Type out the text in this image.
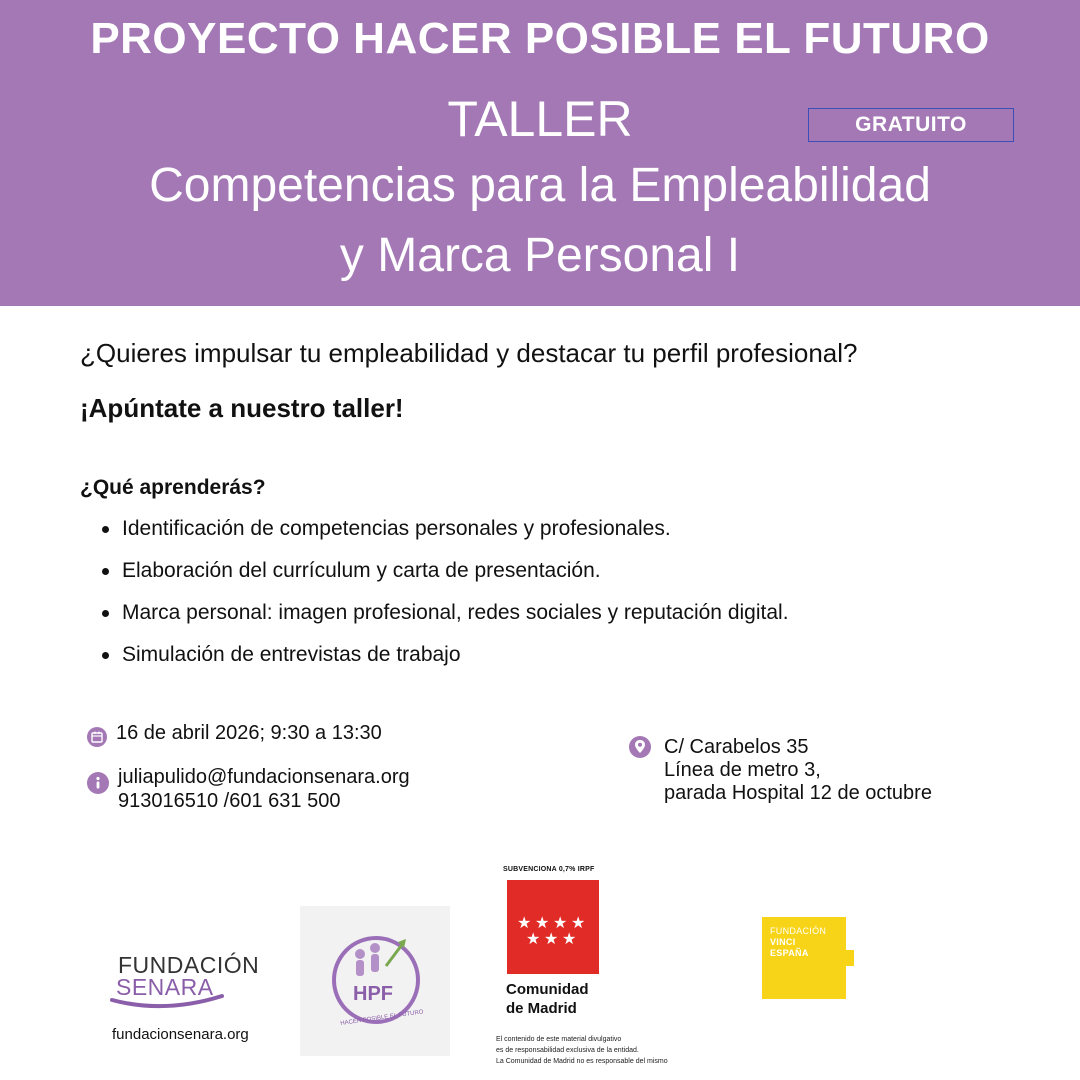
PROYECTO HACER POSIBLE EL FUTURO
TALLER
Competencias para la Empleabilidad
y Marca Personal I
GRATUITO
¿Quieres impulsar tu empleabilidad y destacar tu perfil profesional?
¡Apúntate a nuestro taller!
¿Qué aprenderás?
Identificación de competencias personales y profesionales.
Elaboración del currículum y carta de presentación.
Marca personal: imagen profesional, redes sociales y reputación digital.
Simulación de entrevistas de trabajo
16 de abril 2026; 9:30 a 13:30
juliapulido@fundacionsenara.org
913016510 /601 631 500
C/ Carabelos 35
Línea de metro 3,
parada Hospital 12 de octubre
FUNDACIÓN
SENARA
fundacionsenara.org
HPF
HACER POSIBLE EL FUTURO
SUBVENCIONA 0,7% IRPF
★ ★ ★ ★
★ ★ ★
Comunidad
de Madrid
El contenido de este material divulgativo
es de responsabilidad exclusiva de la entidad.
La Comunidad de Madrid no es responsable del mismo
FUNDACIÓN
VINCI
ESPAÑA
